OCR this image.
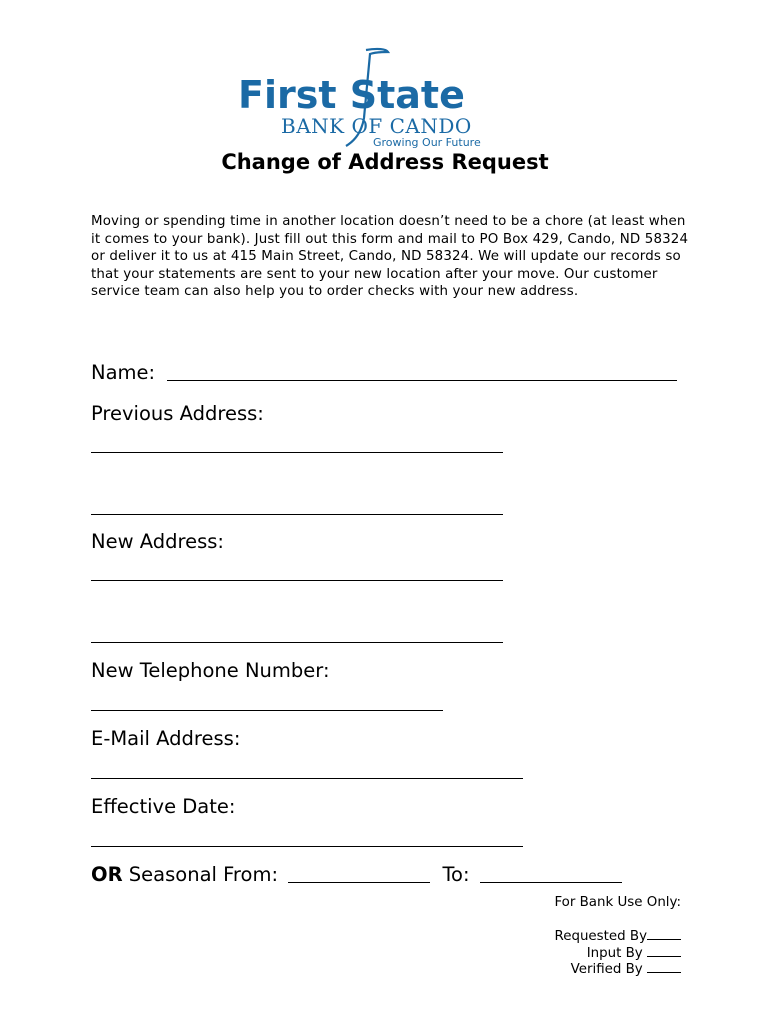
First State
BANK OF CANDO
Growing Our Future
Change of Address Request

Moving or spending time in another location doesn’t need to be a chore (at least when it comes to your bank). Just fill out this form and mail to PO Box 429, Cando, ND 58324 or deliver it to us at 415 Main Street, Cando, ND 58324. We will update our records so that your statements are sent to your new location after your move. Our customer service team can also help you to order checks with your new address.

Name:
Previous Address:
New Address:
New Telephone Number:
E-Mail Address:
Effective Date:
OR Seasonal From:	To:
For Bank Use Only:
Requested By
Input By
Verified By
